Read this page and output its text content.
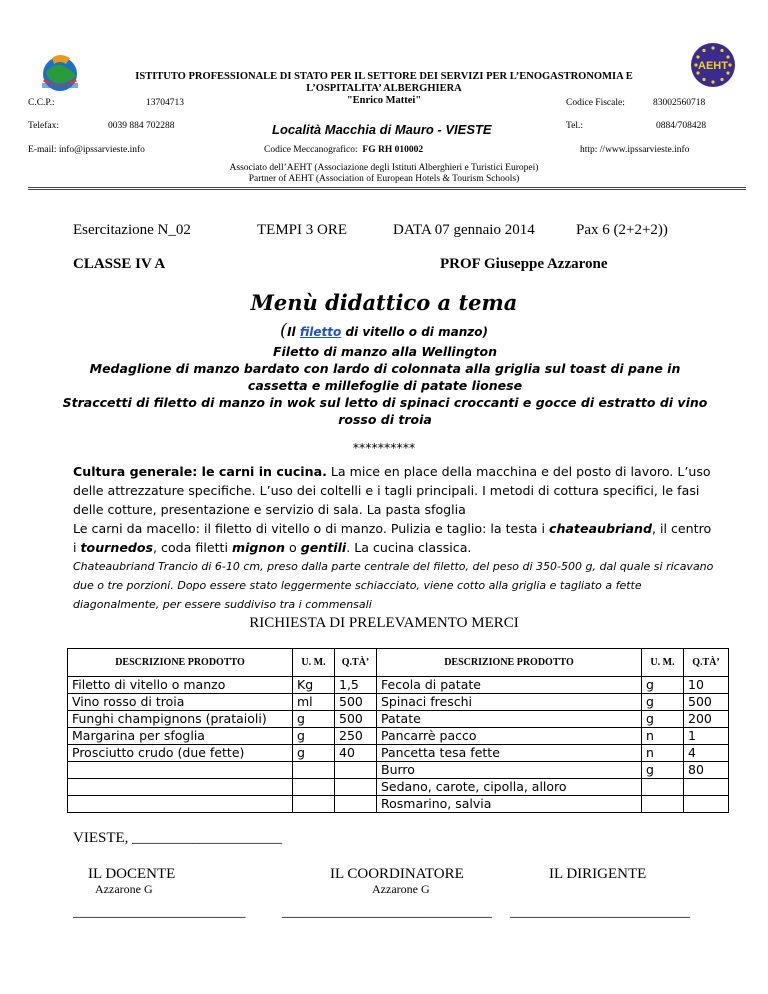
AEHT
ISTITUTO PROFESSIONALE DI STATO PER IL SETTORE DEI SERVIZI PER L’ENOGASTRONOMIA E
L’OSPITALITA’ ALBERGHIERA
"Enrico Mattei"
C.C.P.:	13704713	Codice Fiscale:	83002560718
Telefax:	0039 884 702288	Località Macchia di Mauro - VIESTE	Tel.:	0884/708428
E-mail: info@ipssarvieste.info	Codice Meccanografico: FG RH 010002	http: //www.ipssarvieste.info
Associato dell’AEHT (Associazione degli Istituti Alberghieri e Turistici Europei)
Partner of AEHT (Association of European Hotels & Tourism Schools)
Esercitazione N_02	TEMPI 3 ORE	DATA 07 gennaio 2014	Pax 6 (2+2+2))
CLASSE IV A	PROF Giuseppe Azzarone
Menù didattico a tema
(Il filetto di vitello o di manzo)
Filetto di manzo alla Wellington
Medaglione di manzo bardato con lardo di colonnata alla griglia sul toast di pane in cassetta e millefoglie di patate lionese
Straccetti di filetto di manzo in wok sul letto di spinaci croccanti e gocce di estratto di vino rosso di troia
**********
Cultura generale: le carni in cucina. La mice en place della macchina e del posto di lavoro. L’uso delle attrezzature specifiche. L’uso dei coltelli e i tagli principali. I metodi di cottura specifici, le fasi delle cotture, presentazione e servizio di sala. La pasta sfoglia
Le carni da macello: il filetto di vitello o di manzo. Pulizia e taglio: la testa i chateaubriand, il centro i tournedos, coda filetti mignon o gentili. La cucina classica.
Chateaubriand Trancio di 6-10 cm, preso dalla parte centrale del filetto, del peso di 350-500 g, dal quale si ricavano due o tre porzioni. Dopo essere stato leggermente schiacciato, viene cotto alla griglia e tagliato a fette diagonalmente, per essere suddiviso tra i commensali
RICHIESTA DI PRELEVAMENTO MERCI
DESCRIZIONE PRODOTTO	U. M.	Q.TÀ’	DESCRIZIONE PRODOTTO	U. M.	Q.TÀ’
Filetto di vitello o manzo	Kg	1,5	Fecola di patate	g	10
Vino rosso di troia	ml	500	Spinaci freschi	g	500
Funghi champignons (prataioli)	g	500	Patate	g	200
Margarina per sfoglia	g	250	Pancarrè pacco	n	1
Prosciutto crudo (due fette)	g	40	Pancetta tesa fette	n	4
			Burro	g	80
			Sedano, carote, cipolla, alloro		
			Rosmarino, salvia		
VIESTE, ____________________
IL DOCENTE
Azzarone G
IL COORDINATORE
Azzarone G
IL DIRIGENTE
_______________________ ____________________________ ________________________
